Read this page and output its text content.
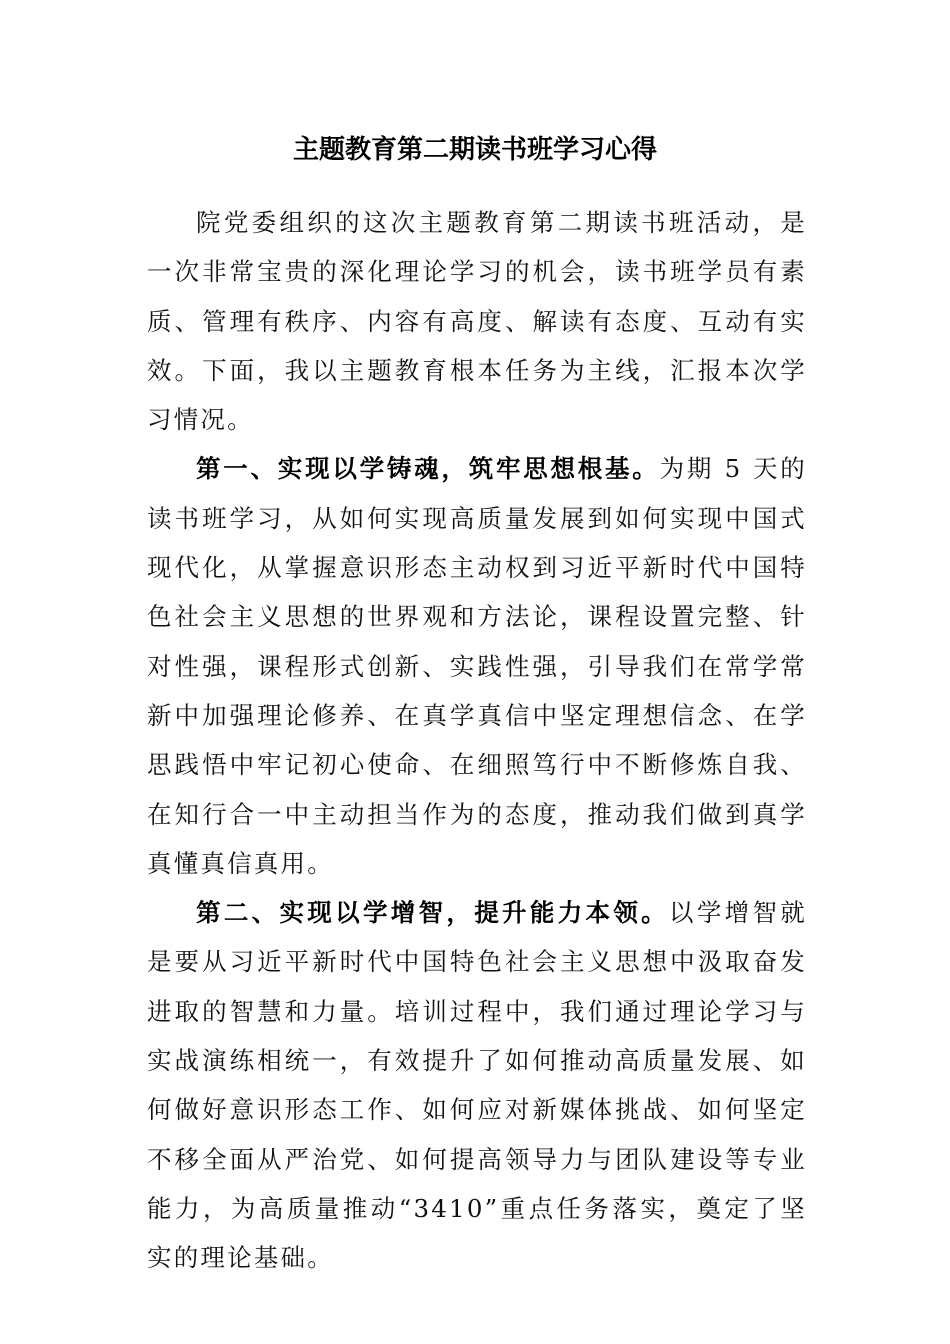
主题教育第二期读书班学习心得

院党委组织的这次主题教育第二期读书班活动，是一次非常宝贵的深化理论学习的机会，读书班学员有素质、管理有秩序、内容有高度、解读有态度、互动有实效。下面，我以主题教育根本任务为主线，汇报本次学习情况。

第一、实现以学铸魂，筑牢思想根基。为期 5 天的读书班学习，从如何实现高质量发展到如何实现中国式现代化，从掌握意识形态主动权到习近平新时代中国特色社会主义思想的世界观和方法论，课程设置完整、针对性强，课程形式创新、实践性强，引导我们在常学常新中加强理论修养、在真学真信中坚定理想信念、在学思践悟中牢记初心使命、在细照笃行中不断修炼自我、在知行合一中主动担当作为的态度，推动我们做到真学真懂真信真用。

第二、实现以学增智，提升能力本领。以学增智就是要从习近平新时代中国特色社会主义思想中汲取奋发进取的智慧和力量。培训过程中，我们通过理论学习与实战演练相统一，有效提升了如何推动高质量发展、如何做好意识形态工作、如何应对新媒体挑战、如何坚定不移全面从严治党、如何提高领导力与团队建设等专业能力，为高质量推动“3410”重点任务落实，奠定了坚实的理论基础。
